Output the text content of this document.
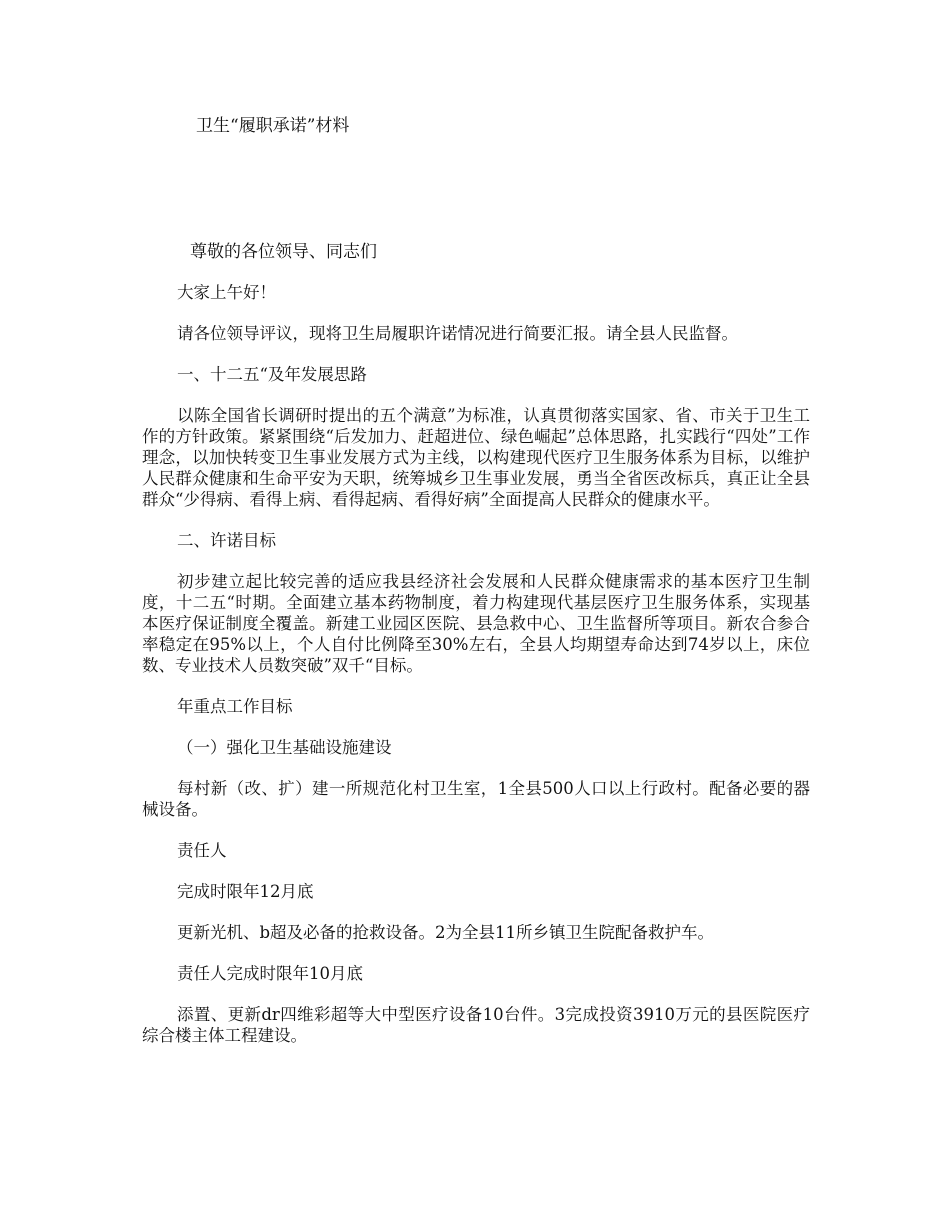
卫生“履职承诺”材料
尊敬的各位领导、同志们

大家上午好！

请各位领导评议，现将卫生局履职许诺情况进行简要汇报。请全县人民监督。

一、十二五“及年发展思路

以陈全国省长调研时提出的五个满意”为标准，认真贯彻落实国家、省、市关于卫生工作的方针政策。紧紧围绕“后发加力、赶超进位、绿色崛起”总体思路，扎实践行“四处”工作理念，以加快转变卫生事业发展方式为主线，以构建现代医疗卫生服务体系为目标，以维护人民群众健康和生命平安为天职，统筹城乡卫生事业发展，勇当全省医改标兵，真正让全县群众“少得病、看得上病、看得起病、看得好病”全面提高人民群众的健康水平。

二、许诺目标

初步建立起比较完善的适应我县经济社会发展和人民群众健康需求的基本医疗卫生制度，十二五“时期。全面建立基本药物制度，着力构建现代基层医疗卫生服务体系，实现基本医疗保证制度全覆盖。新建工业园区医院、县急救中心、卫生监督所等项目。新农合参合率稳定在95%以上，个人自付比例降至30%左右，全县人均期望寿命达到74岁以上，床位数、专业技术人员数突破”双千“目标。

年重点工作目标

（一）强化卫生基础设施建设

每村新（改、扩）建一所规范化村卫生室，1全县500人口以上行政村。配备必要的器械设备。

责任人

完成时限年12月底

更新光机、b超及必备的抢救设备。2为全县11所乡镇卫生院配备救护车。

责任人完成时限年10月底

添置、更新dr四维彩超等大中型医疗设备10台件。3完成投资3910万元的县医院医疗综合楼主体工程建设。
